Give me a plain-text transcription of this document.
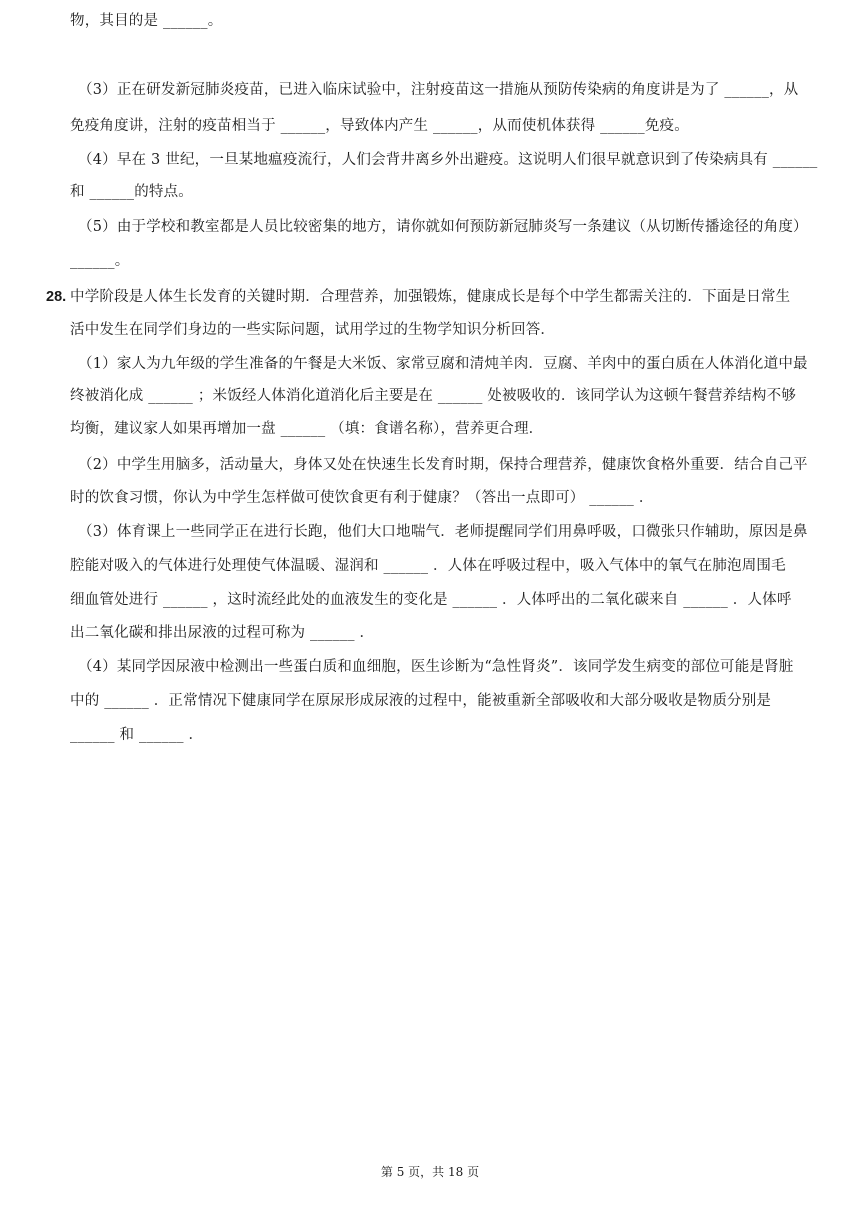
物，其目的是 ______。
（3）正在研发新冠肺炎疫苗，已进入临床试验中，注射疫苗这一措施从预防传染病的角度讲是为了 ______，从
免疫角度讲，注射的疫苗相当于 ______，导致体内产生 ______，从而使机体获得 ______免疫。
（4）早在 3 世纪，一旦某地瘟疫流行，人们会背井离乡外出避疫。这说明人们很早就意识到了传染病具有 ______
和 ______的特点。
（5）由于学校和教室都是人员比较密集的地方，请你就如何预防新冠肺炎写一条建议（从切断传播途径的角度）
______。
28. 中学阶段是人体生长发育的关键时期．合理营养，加强锻炼，健康成长是每个中学生都需关注的．下面是日常生
活中发生在同学们身边的一些实际问题，试用学过的生物学知识分析回答．
（1）家人为九年级的学生准备的午餐是大米饭、家常豆腐和清炖羊肉．豆腐、羊肉中的蛋白质在人体消化道中最
终被消化成 ______ ；米饭经人体消化道消化后主要是在 ______ 处被吸收的．该同学认为这顿午餐营养结构不够
均衡，建议家人如果再增加一盘 ______ （填：食谱名称），营养更合理．
（2）中学生用脑多，活动量大，身体又处在快速生长发育时期，保持合理营养，健康饮食格外重要．结合自己平
时的饮食习惯，你认为中学生怎样做可使饮食更有利于健康？（答出一点即可） ______ ．
（3）体育课上一些同学正在进行长跑，他们大口地喘气．老师提醒同学们用鼻呼吸，口微张只作辅助，原因是鼻
腔能对吸入的气体进行处理使气体温暖、湿润和 ______ ．人体在呼吸过程中，吸入气体中的氧气在肺泡周围毛
细血管处进行 ______ ，这时流经此处的血液发生的变化是 ______ ．人体呼出的二氧化碳来自 ______ ．人体呼
出二氧化碳和排出尿液的过程可称为 ______ ．
（4）某同学因尿液中检测出一些蛋白质和血细胞，医生诊断为“急性肾炎”．该同学发生病变的部位可能是肾脏
中的 ______ ．正常情况下健康同学在原尿形成尿液的过程中，能被重新全部吸收和大部分吸收是物质分别是
______ 和 ______ ．
第 5 页，共 18 页
